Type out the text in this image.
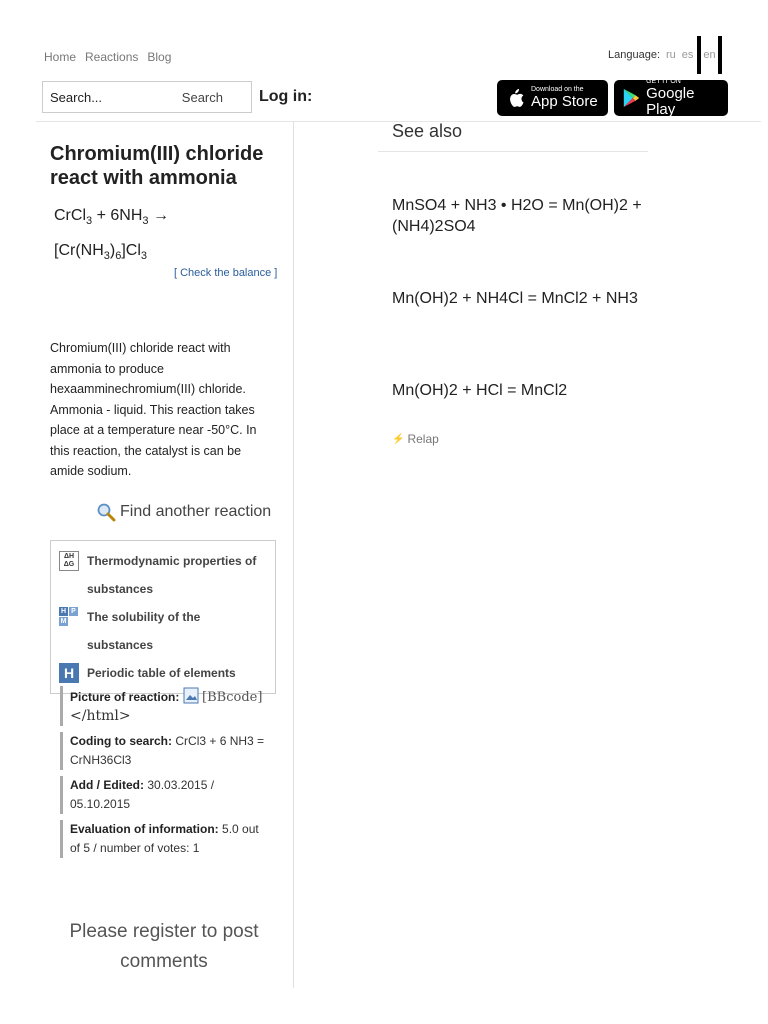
Home Reactions Blog	Language: ru es en
Search...	Search	Log in:	Download on the
App Store
GET IT ON
Google Play
Chromium(III) chloride react with ammonia
CrCl$_3$ + $6NH_3$ →
$[Cr(NH_3)_6]Cl_3$
[ Check the balance ]
Chromium(III) chloride react with ammonia to produce hexaamminechromium(III) chloride. Ammonia - liquid. This reaction takes place at a temperature near -50°C. In this reaction, the catalyst is can be amide sodium.
Find another reaction
ΔH ΔG	Thermodynamic properties of substances
H P
M The solubility of the substances
H	Periodic table of elements
Picture of reaction: [BBcode]
</html>
Coding to search: CrCl3 + 6 NH3 = CrNH36Cl3
Add / Edited: 30.03.2015 / 05.10.2015
Evaluation of information: 5.0 out of 5 / number of votes: 1
Please register to post comments
See also
MnSO4 + NH3 • H2O = Mn(OH)2 + (NH4)2SO4
Mn(OH)2 + NH4Cl = MnCl2 + NH3
Mn(OH)2 + HCl = MnCl2
⚡ Relap
